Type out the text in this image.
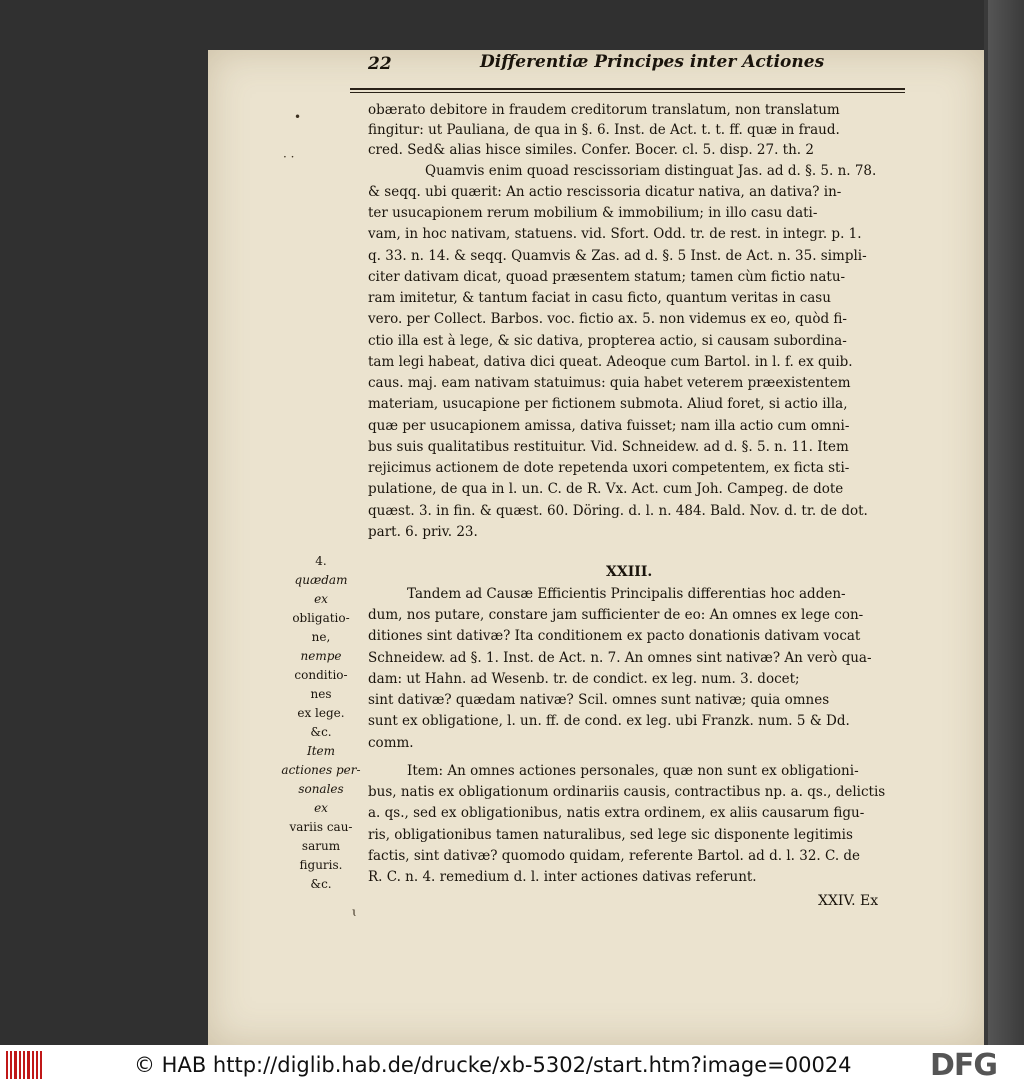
•
· ·
ɩ
22	Differentiæ Principes inter Actiones
obærato debitore in fraudem creditorum translatum, non translatum
fingitur: ut Pauliana, de qua in §. 6. Inst. de Act. t. t. ff. quæ in fraud.
cred. Sed& alias hisce similes. Confer. Bocer. cl. 5. disp. 27. th. 2
Quamvis enim quoad rescissoriam distinguat Jas. ad d. §. 5. n. 78.
& seqq. ubi quærit: An actio rescissoria dicatur nativa, an dativa? in-
ter usucapionem rerum mobilium & immobilium; in illo casu dati-
vam, in hoc nativam, statuens. vid. Sfort. Odd. tr. de rest. in integr. p. 1.
q. 33. n. 14. & seqq. Quamvis & Zas. ad d. §. 5 Inst. de Act. n. 35. simpli-
citer dativam dicat, quoad præsentem statum; tamen cùm fictio natu-
ram imitetur, & tantum faciat in casu ficto, quantum veritas in casu
vero. per Collect. Barbos. voc. fictio ax. 5. non videmus ex eo, quòd fi-
ctio illa est à lege, & sic dativa, propterea actio, si causam subordina-
tam legi habeat, dativa dici queat. Adeoque cum Bartol. in l. f. ex quib.
caus. maj. eam nativam statuimus: quia habet veterem præexistentem
materiam, usucapione per fictionem submota. Aliud foret, si actio illa,
quæ per usucapionem amissa, dativa fuisset; nam illa actio cum omni-
bus suis qualitatibus restituitur. Vid. Schneidew. ad d. §. 5. n. 11. Item
rejicimus actionem de dote repetenda uxori competentem, ex ficta sti-
pulatione, de qua in l. un. C. de R. Vx. Act. cum Joh. Campeg. de dote
quæst. 3. in fin. & quæst. 60. Döring. d. l. n. 484. Bald. Nov. d. tr. de dot.
part. 6. priv. 23.
XXIII.
Tandem ad Causæ Efficientis Principalis differentias hoc adden-
dum, nos putare, constare jam sufficienter de eo: An omnes ex lege con-
ditiones sint dativæ? Ita conditionem ex pacto donationis dativam vocat
Schneidew. ad §. 1. Inst. de Act. n. 7. An omnes sint nativæ? An verò qua-
dam: ut Hahn. ad Wesenb. tr. de condict. ex leg. num. 3. docet;
sint dativæ? quædam nativæ? Scil. omnes sunt nativæ; quia omnes
sunt ex obligatione, l. un. ff. de cond. ex leg. ubi Franzk. num. 5 & Dd.
comm.
Item: An omnes actiones personales, quæ non sunt ex obligationi-
bus, natis ex obligationum ordinariis causis, contractibus np. a. qs., delictis
a. qs., sed ex obligationibus, natis extra ordinem, ex aliis causarum figu-
ris, obligationibus tamen naturalibus, sed lege sic disponente legitimis
factis, sint dativæ? quomodo quidam, referente Bartol. ad d. l. 32. C. de
R. C. n. 4. remedium d. l. inter actiones dativas referunt.
XXIV. Ex
4.
quædam
ex
obligatio-
ne,
nempe
conditio-
nes
ex lege.
&c.
Item
actiones per-
sonales
ex
variis cau-
sarum
figuris.
&c.
© HAB http://diglib.hab.de/drucke/xb-5302/start.htm?image=00024	DFG
